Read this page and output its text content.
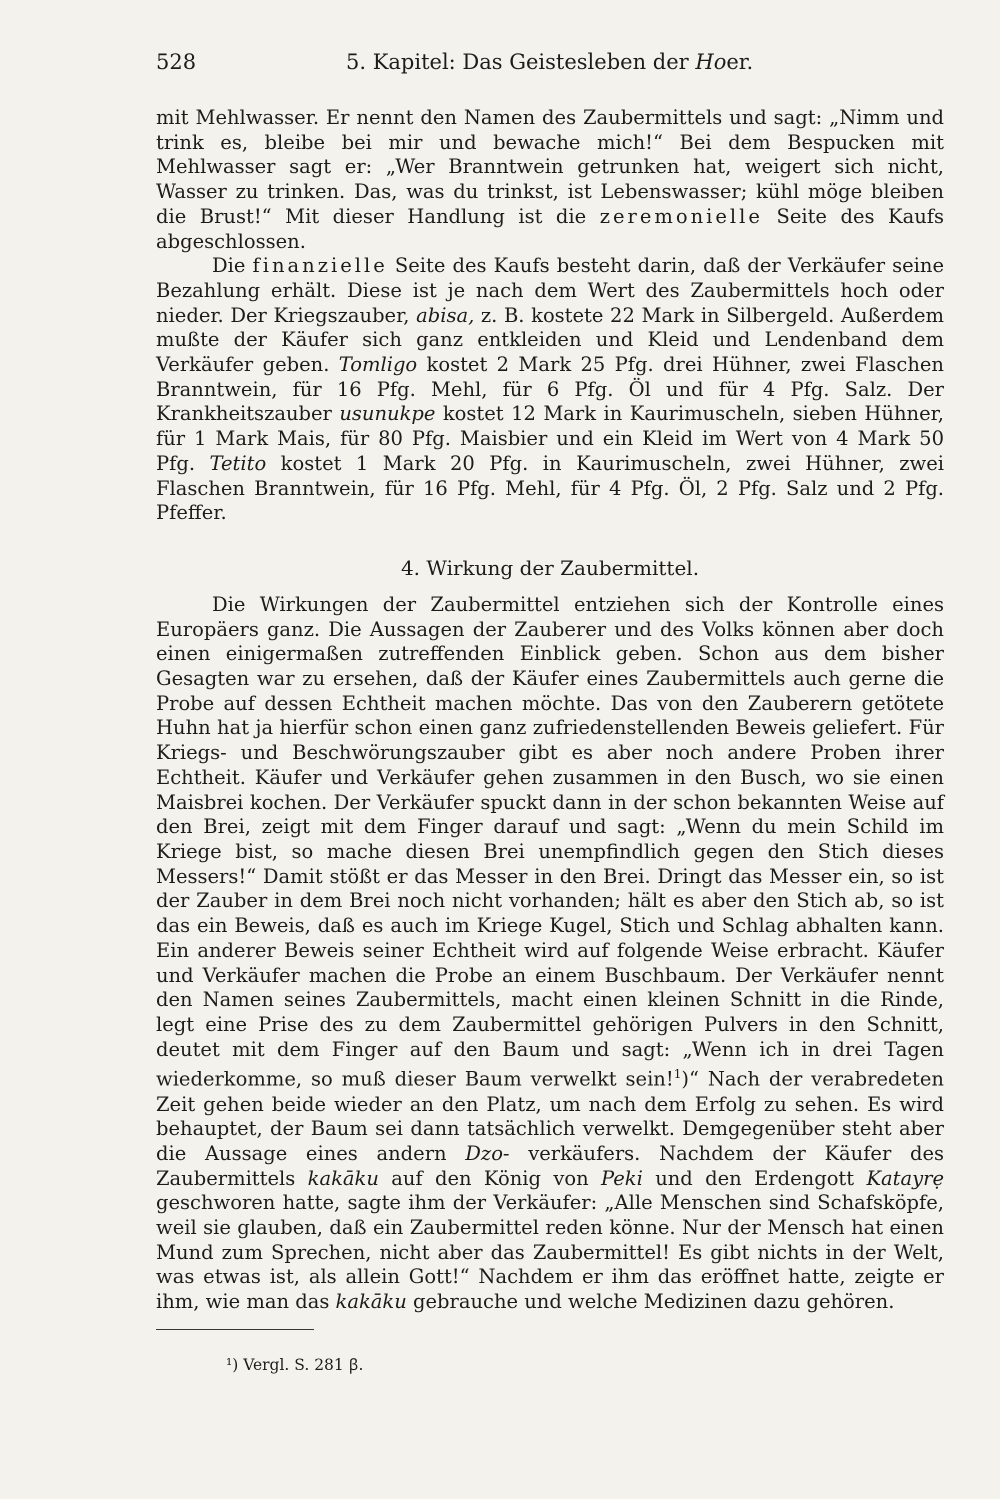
528	5. Kapitel: Das Geistesleben der Hoer.

mit Mehlwasser. Er nennt den Namen des Zaubermittels und sagt: „Nimm und trink es, bleibe bei mir und bewache mich!“ Bei dem Bespucken mit Mehlwasser sagt er: „Wer Branntwein getrunken hat, weigert sich nicht, Wasser zu trinken. Das, was du trinkst, ist Lebenswasser; kühl möge bleiben die Brust!“ Mit dieser Handlung ist die zeremonielle Seite des Kaufs abgeschlossen.

Die finanzielle Seite des Kaufs besteht darin, daß der Verkäufer seine Bezahlung erhält. Diese ist je nach dem Wert des Zaubermittels hoch oder nieder. Der Kriegszauber, abisa, z. B. kostete 22 Mark in Silbergeld. Außerdem mußte der Käufer sich ganz entkleiden und Kleid und Lendenband dem Verkäufer geben. Tomligo kostet 2 Mark 25 Pfg. drei Hühner, zwei Flaschen Branntwein, für 16 Pfg. Mehl, für 6 Pfg. Öl und für 4 Pfg. Salz. Der Krankheitszauber usunukpe kostet 12 Mark in Kaurimuscheln, sieben Hühner, für 1 Mark Mais, für 80 Pfg. Maisbier und ein Kleid im Wert von 4 Mark 50 Pfg. Tetito kostet 1 Mark 20 Pfg. in Kaurimuscheln, zwei Hühner, zwei Flaschen Branntwein, für 16 Pfg. Mehl, für 4 Pfg. Öl, 2 Pfg. Salz und 2 Pfg. Pfeffer.

4. Wirkung der Zaubermittel.

Die Wirkungen der Zaubermittel entziehen sich der Kontrolle eines Europäers ganz. Die Aussagen der Zauberer und des Volks können aber doch einen einigermaßen zutreffenden Einblick geben. Schon aus dem bisher Gesagten war zu ersehen, daß der Käufer eines Zaubermittels auch gerne die Probe auf dessen Echtheit machen möchte. Das von den Zauberern getötete Huhn hat ja hierfür schon einen ganz zufriedenstellenden Beweis geliefert. Für Kriegs- und Beschwörungszauber gibt es aber noch andere Proben ihrer Echtheit. Käufer und Verkäufer gehen zusammen in den Busch, wo sie einen Maisbrei kochen. Der Verkäufer spuckt dann in der schon bekannten Weise auf den Brei, zeigt mit dem Finger darauf und sagt: „Wenn du mein Schild im Kriege bist, so mache diesen Brei unempfindlich gegen den Stich dieses Messers!“ Damit stößt er das Messer in den Brei. Dringt das Messer ein, so ist der Zauber in dem Brei noch nicht vorhanden; hält es aber den Stich ab, so ist das ein Beweis, daß es auch im Kriege Kugel, Stich und Schlag abhalten kann. Ein anderer Beweis seiner Echtheit wird auf folgende Weise erbracht. Käufer und Verkäufer machen die Probe an einem Buschbaum. Der Verkäufer nennt den Namen seines Zaubermittels, macht einen kleinen Schnitt in die Rinde, legt eine Prise des zu dem Zaubermittel gehörigen Pulvers in den Schnitt, deutet mit dem Finger auf den Baum und sagt: „Wenn ich in drei Tagen wiederkomme, so muß dieser Baum verwelkt sein!$^1$)“ Nach der verabredeten Zeit gehen beide wieder an den Platz, um nach dem Erfolg zu sehen. Es wird behauptet, der Baum sei dann tatsächlich verwelkt. Demgegenüber steht aber die Aussage eines andern Dzo- verkäufers. Nachdem der Käufer des Zaubermittels kakāku auf den König von Peki und den Erdengott Katayrẹ geschworen hatte, sagte ihm der Verkäufer: „Alle Menschen sind Schafsköpfe, weil sie glauben, daß ein Zaubermittel reden könne. Nur der Mensch hat einen Mund zum Sprechen, nicht aber das Zaubermittel! Es gibt nichts in der Welt, was etwas ist, als allein Gott!“ Nachdem er ihm das eröffnet hatte, zeigte er ihm, wie man das kakāku gebrauche und welche Medizinen dazu gehören.

¹) Vergl. S. 281 ꞵ.
